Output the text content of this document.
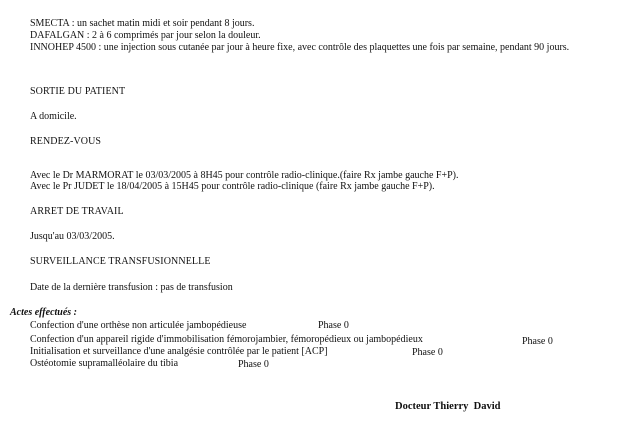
SMECTA : un sachet matin midi et soir pendant 8 jours.
DAFALGAN : 2 à 6 comprimés par jour selon la douleur.
INNOHEP 4500 : une injection sous cutanée par jour à heure fixe, avec contrôle des plaquettes une fois par semaine, pendant 90 jours.
SORTIE DU PATIENT
A domicile.
RENDEZ-VOUS
Avec le Dr MARMORAT le 03/03/2005 à 8H45 pour contrôle radio-clinique.(faire Rx jambe gauche F+P).
Avec le Pr JUDET le 18/04/2005 à 15H45 pour contrôle radio-clinique (faire Rx jambe gauche F+P).
ARRET DE TRAVAIL
Jusqu'au 03/03/2005.
SURVEILLANCE TRANSFUSIONNELLE
Date de la dernière transfusion : pas de transfusion
Actes effectués :
Confection d'une orthèse non articulée jambopédieuse	Phase 0
Confection d'un appareil rigide d'immobilisation fémorojambier, fémoropédieux ou jambopédieux	Phase 0
Initialisation et surveillance d'une analgésie contrôlée par le patient [ACP]	Phase 0
Ostéotomie supramalléolaire du tibia	Phase 0
Docteur Thierry  David
